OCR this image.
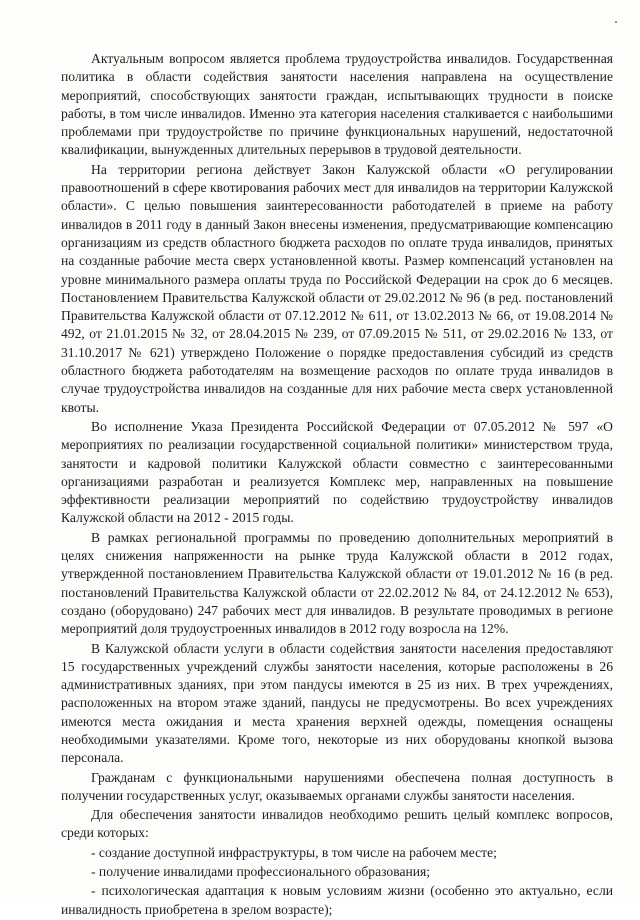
Актуальным вопросом является проблема трудоустройства инвалидов. Государственная политика в области содействия занятости населения направлена на осуществление мероприятий, способствующих занятости граждан, испытывающих трудности в поиске работы, в том числе инвалидов. Именно эта категория населения сталкивается с наибольшими проблемами при трудоустройстве по причине функциональных нарушений, недостаточной квалификации, вынужденных длительных перерывов в трудовой деятельности.

На территории региона действует Закон Калужской области «О регулировании правоотношений в сфере квотирования рабочих мест для инвалидов на территории Калужской области». С целью повышения заинтересованности работодателей в приеме на работу инвалидов в 2011 году в данный Закон внесены изменения, предусматривающие компенсацию организациям из средств областного бюджета расходов по оплате труда инвалидов, принятых на созданные рабочие места сверх установленной квоты. Размер компенсаций установлен на уровне минимального размера оплаты труда по Российской Федерации на срок до 6 месяцев. Постановлением Правительства Калужской области от 29.02.2012 № 96 (в ред. постановлений Правительства Калужской области от 07.12.2012 № 611, от 13.02.2013 № 66, от 19.08.2014 № 492, от 21.01.2015 № 32, от 28.04.2015 № 239, от 07.09.2015 № 511, от 29.02.2016 № 133, от 31.10.2017 № 621) утверждено Положение о порядке предоставления субсидий из средств областного бюджета работодателям на возмещение расходов по оплате труда инвалидов в случае трудоустройства инвалидов на созданные для них рабочие места сверх установленной квоты.

Во исполнение Указа Президента Российской Федерации от 07.05.2012 № 597 «О мероприятиях по реализации государственной социальной политики» министерством труда, занятости и кадровой политики Калужской области совместно с заинтересованными организациями разработан и реализуется Комплекс мер, направленных на повышение эффективности реализации мероприятий по содействию трудоустройству инвалидов Калужской области на 2012 - 2015 годы.

В рамках региональной программы по проведению дополнительных мероприятий в целях снижения напряженности на рынке труда Калужской области в 2012 годах, утвержденной постановлением Правительства Калужской области от 19.01.2012 № 16 (в ред. постановлений Правительства Калужской области от 22.02.2012 № 84, от 24.12.2012 № 653), создано (оборудовано) 247 рабочих мест для инвалидов. В результате проводимых в регионе мероприятий доля трудоустроенных инвалидов в 2012 году возросла на 12%.

В Калужской области услуги в области содействия занятости населения предоставляют 15 государственных учреждений службы занятости населения, которые расположены в 26 административных зданиях, при этом пандусы имеются в 25 из них. В трех учреждениях, расположенных на втором этаже зданий, пандусы не предусмотрены. Во всех учреждениях имеются места ожидания и места хранения верхней одежды, помещения оснащены необходимыми указателями. Кроме того, некоторые из них оборудованы кнопкой вызова персонала.

Гражданам с функциональными нарушениями обеспечена полная доступность в получении государственных услуг, оказываемых органами службы занятости населения.

Для обеспечения занятости инвалидов необходимо решить целый комплекс вопросов, среди которых:

- создание доступной инфраструктуры, в том числе на рабочем месте;

- получение инвалидами профессионального образования;

- психологическая адаптация к новым условиям жизни (особенно это актуально, если инвалидность приобретена в зрелом возрасте);
